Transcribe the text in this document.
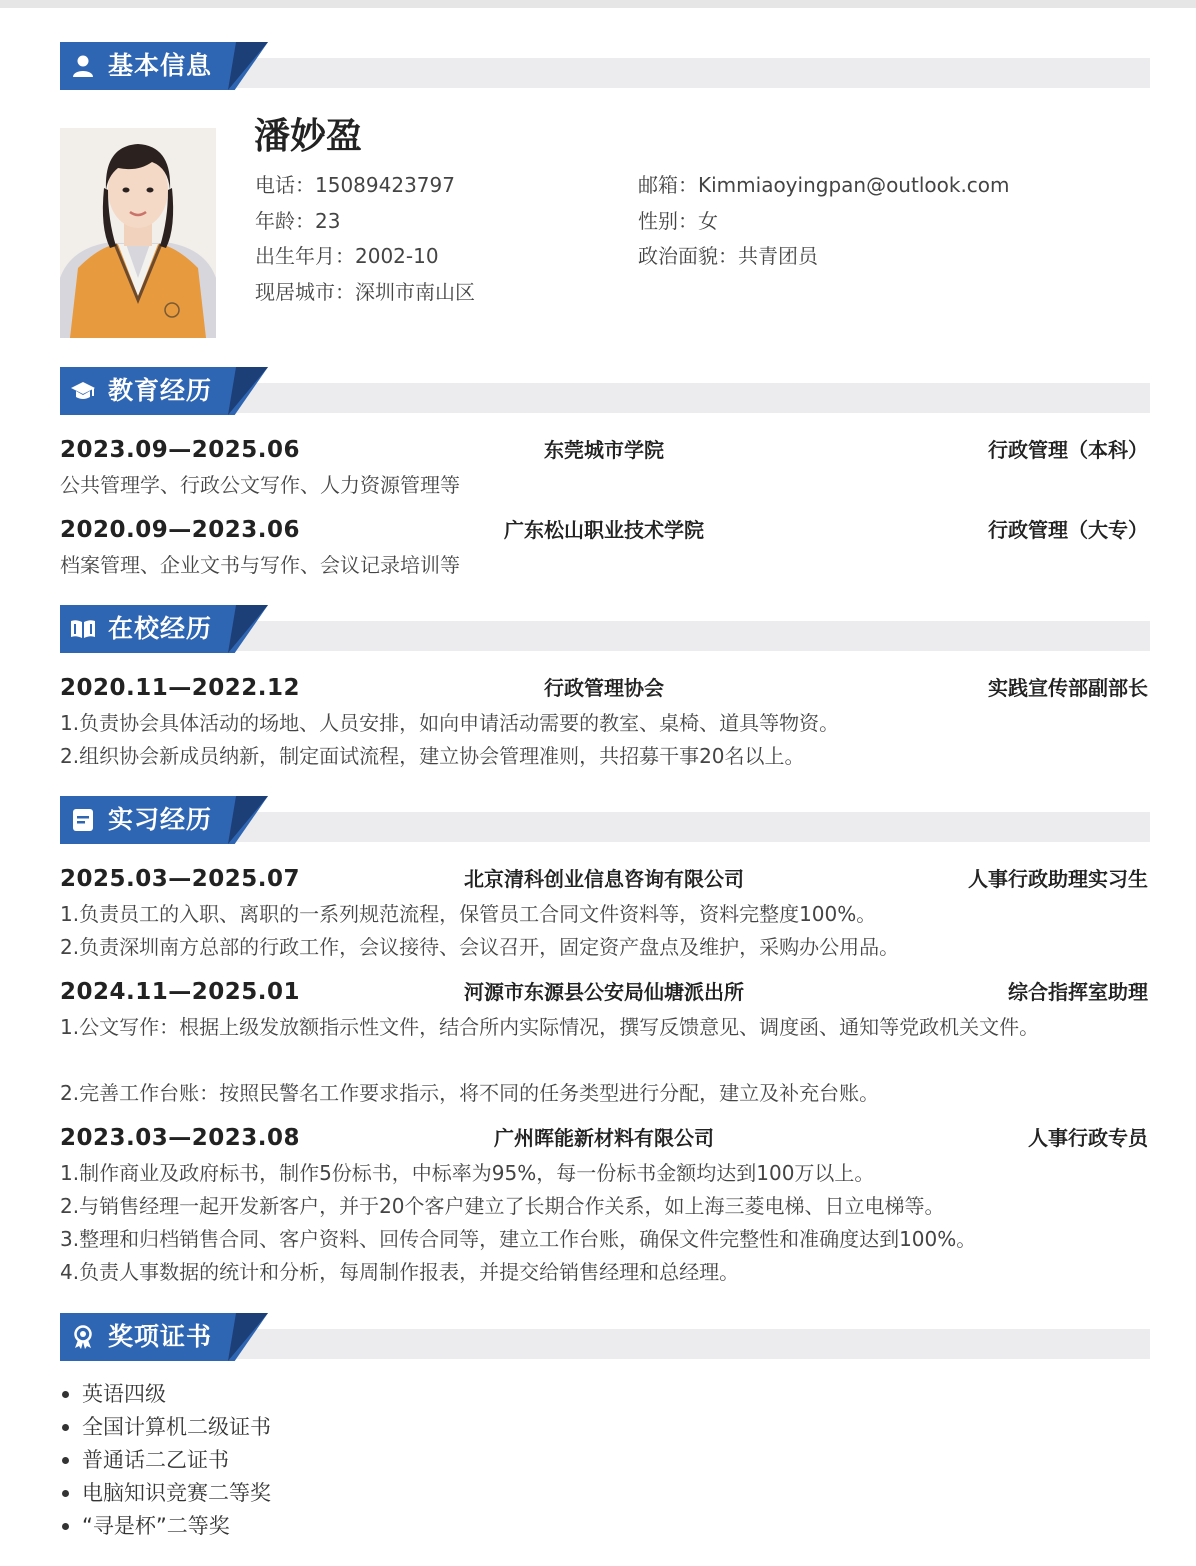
基本信息
潘妙盈
电话：15089423797	邮箱：Kimmiaoyingpan@outlook.com
年龄：23	性别：女
出生年月：2002-10	政治面貌：共青团员
现居城市：深圳市南山区
教育经历
2023.09—2025.06	东莞城市学院	行政管理（本科）
公共管理学、行政公文写作、人力资源管理等
2020.09—2023.06	广东松山职业技术学院	行政管理（大专）
档案管理、企业文书与写作、会议记录培训等
在校经历
2020.11—2022.12	行政管理协会	实践宣传部副部长
1.负责协会具体活动的场地、人员安排，如向申请活动需要的教室、桌椅、道具等物资。
2.组织协会新成员纳新，制定面试流程，建立协会管理准则，共招募干事20名以上。
实习经历
2025.03—2025.07	北京清科创业信息咨询有限公司	人事行政助理实习生
1.负责员工的入职、离职的一系列规范流程，保管员工合同文件资料等，资料完整度100%。
2.负责深圳南方总部的行政工作，会议接待、会议召开，固定资产盘点及维护，采购办公用品。
2024.11—2025.01	河源市东源县公安局仙塘派出所	综合指挥室助理
1.公文写作：根据上级发放额指示性文件，结合所内实际情况，撰写反馈意见、调度函、通知等党政机关文件。
2.完善工作台账：按照民警名工作要求指示，将不同的任务类型进行分配，建立及补充台账。
2023.03—2023.08	广州晖能新材料有限公司	人事行政专员
1.制作商业及政府标书，制作5份标书，中标率为95%，每一份标书金额均达到100万以上。
2.与销售经理一起开发新客户，并于20个客户建立了长期合作关系，如上海三菱电梯、日立电梯等。
3.整理和归档销售合同、客户资料、回传合同等，建立工作台账，确保文件完整性和准确度达到100%。
4.负责人事数据的统计和分析，每周制作报表，并提交给销售经理和总经理。
奖项证书
英语四级
全国计算机二级证书
普通话二乙证书
电脑知识竞赛二等奖
“寻是杯”二等奖
